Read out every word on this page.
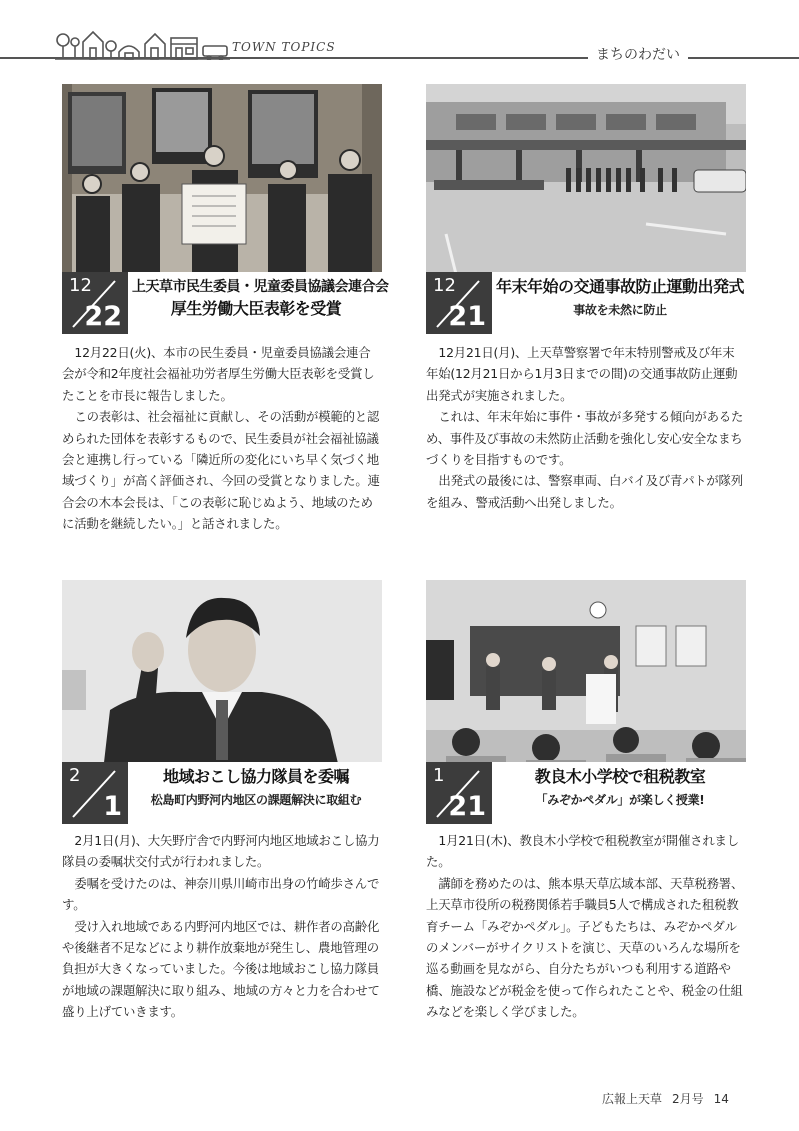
TOWN TOPICS	まちのわだい
12
22
上天草市民生委員・児童委員協議会連合会
厚生労働大臣表彰を受賞

12月22日(火)、本市の民生委員・児童委員協議会連合会が令和2年度社会福祉功労者厚生労働大臣表彰を受賞したことを市長に報告しました。

この表彰は、社会福祉に貢献し、その活動が模範的と認められた団体を表彰するもので、民生委員が社会福祉協議会と連携し行っている「隣近所の変化にいち早く気づく地域づくり」が高く評価され、今回の受賞となりました。連合会の木本会長は、「この表彰に恥じぬよう、地域のために活動を継続したい。」と話されました。

12
21
年末年始の交通事故防止運動出発式
事故を未然に防止

12月21日(月)、上天草警察署で年末特別警戒及び年末年始(12月21日から1月3日までの間)の交通事故防止運動出発式が実施されました。

これは、年末年始に事件・事故が多発する傾向があるため、事件及び事故の未然防止活動を強化し安心安全なまちづくりを目指すものです。

出発式の最後には、警察車両、白バイ及び青パトが隊列を組み、警戒活動へ出発しました。

2
1
地域おこし協力隊員を委嘱
松島町内野河内地区の課題解決に取組む

2月1日(月)、大矢野庁舎で内野河内地区地域おこし協力隊員の委嘱状交付式が行われました。

委嘱を受けたのは、神奈川県川崎市出身の竹崎歩さんです。

受け入れ地域である内野河内地区では、耕作者の高齢化や後継者不足などにより耕作放棄地が発生し、農地管理の負担が大きくなっていました。今後は地域おこし協力隊員が地域の課題解決に取り組み、地域の方々と力を合わせて盛り上げていきます。

1
21
教良木小学校で租税教室
「みぞかペダル」が楽しく授業!

1月21日(木)、教良木小学校で租税教室が開催されました。

講師を務めたのは、熊本県天草広域本部、天草税務署、上天草市役所の税務関係若手職員5人で構成された租税教育チーム「みぞかペダル」。子どもたちは、みぞかペダルのメンバーがサイクリストを演じ、天草のいろんな場所を巡る動画を見ながら、自分たちがいつも利用する道路や橋、施設などが税金を使って作られたことや、税金の仕組みなどを楽しく学びました。

広報上天草 2月号 14
